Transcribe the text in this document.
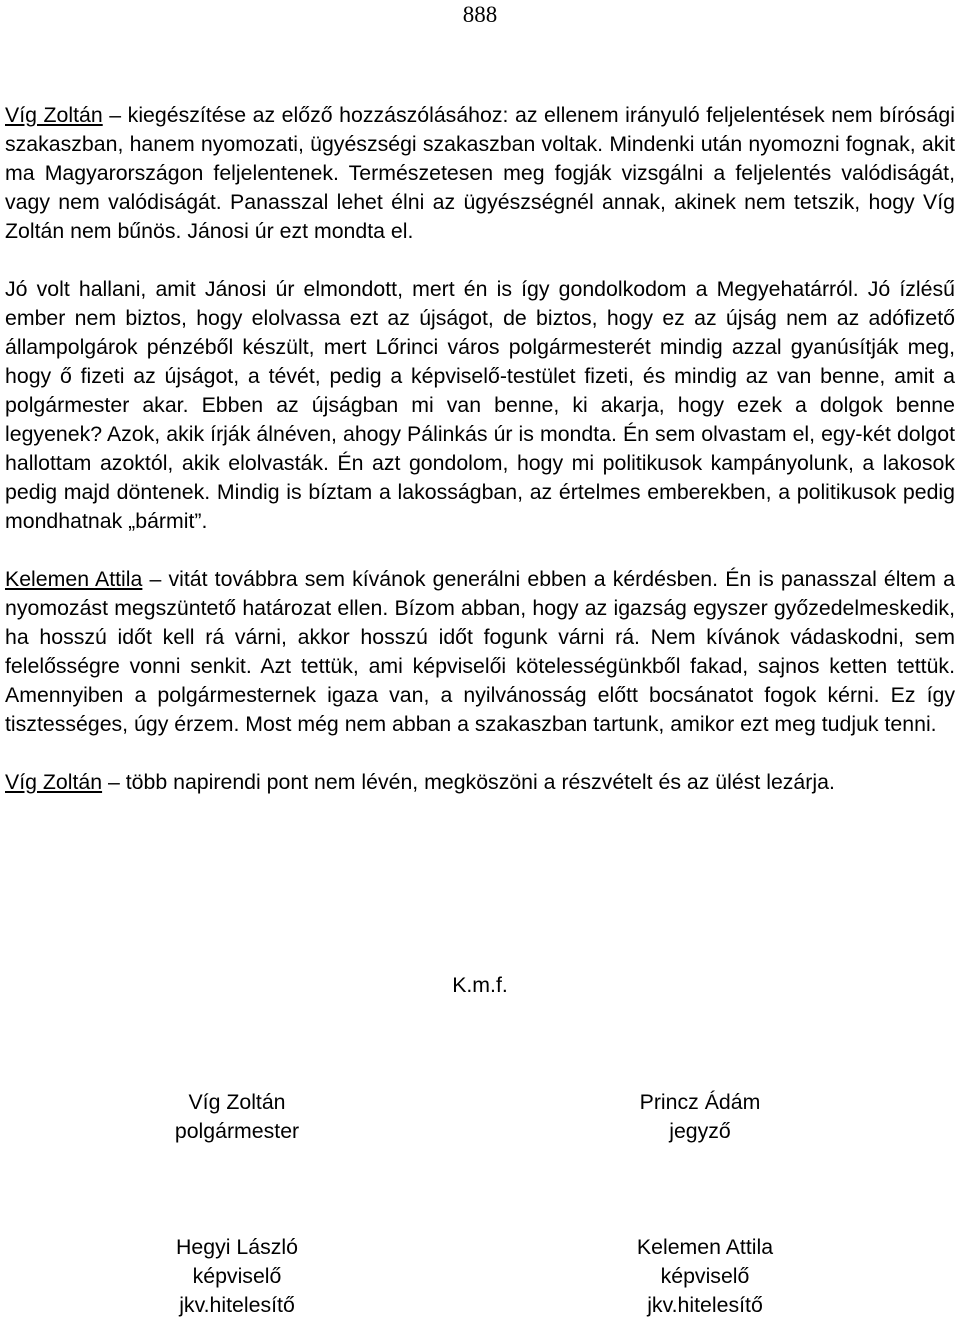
888

Víg Zoltán – kiegészítése az előző hozzászólásához: az ellenem irányuló feljelentések nem bírósági szakaszban, hanem nyomozati, ügyészségi szakaszban voltak. Mindenki után nyomozni fognak, akit ma Magyarországon feljelentenek. Természetesen meg fogják vizsgálni a feljelentés valódiságát, vagy nem valódiságát. Panasszal lehet élni az ügyészségnél annak, akinek nem tetszik, hogy Víg Zoltán nem bűnös. Jánosi úr ezt mondta el.

Jó volt hallani, amit Jánosi úr elmondott, mert én is így gondolkodom a Megyehatárról. Jó ízlésű ember nem biztos, hogy elolvassa ezt az újságot, de biztos, hogy ez az újság nem az adófizető állampolgárok pénzéből készült, mert Lőrinci város polgármesterét mindig azzal gyanúsítják meg, hogy ő fizeti az újságot, a tévét, pedig a képviselő-testület fizeti, és mindig az van benne, amit a polgármester akar. Ebben az újságban mi van benne, ki akarja, hogy ezek a dolgok benne legyenek? Azok, akik írják álnéven, ahogy Pálinkás úr is mondta. Én sem olvastam el, egy-két dolgot hallottam azoktól, akik elolvasták. Én azt gondolom, hogy mi politikusok kampányolunk, a lakosok pedig majd döntenek. Mindig is bíztam a lakosságban, az értelmes emberekben, a politikusok pedig mondhatnak „bármit”.

Kelemen Attila – vitát továbbra sem kívánok generálni ebben a kérdésben. Én is panasszal éltem a nyomozást megszüntető határozat ellen. Bízom abban, hogy az igazság egyszer győzedelmeskedik, ha hosszú időt kell rá várni, akkor hosszú időt fogunk várni rá. Nem kívánok vádaskodni, sem felelősségre vonni senkit. Azt tettük, ami képviselői kötelességünkből fakad, sajnos ketten tettük. Amennyiben a polgármesternek igaza van, a nyilvánosság előtt bocsánatot fogok kérni. Ez így tisztességes, úgy érzem. Most még nem abban a szakaszban tartunk, amikor ezt meg tudjuk tenni.

Víg Zoltán – több napirendi pont nem lévén, megköszöni a részvételt és az ülést lezárja.

K.m.f.
Víg Zoltán
polgármester
Princz Ádám
jegyző
Hegyi László
képviselő
jkv.hitelesítő
Kelemen Attila
képviselő
jkv.hitelesítő
